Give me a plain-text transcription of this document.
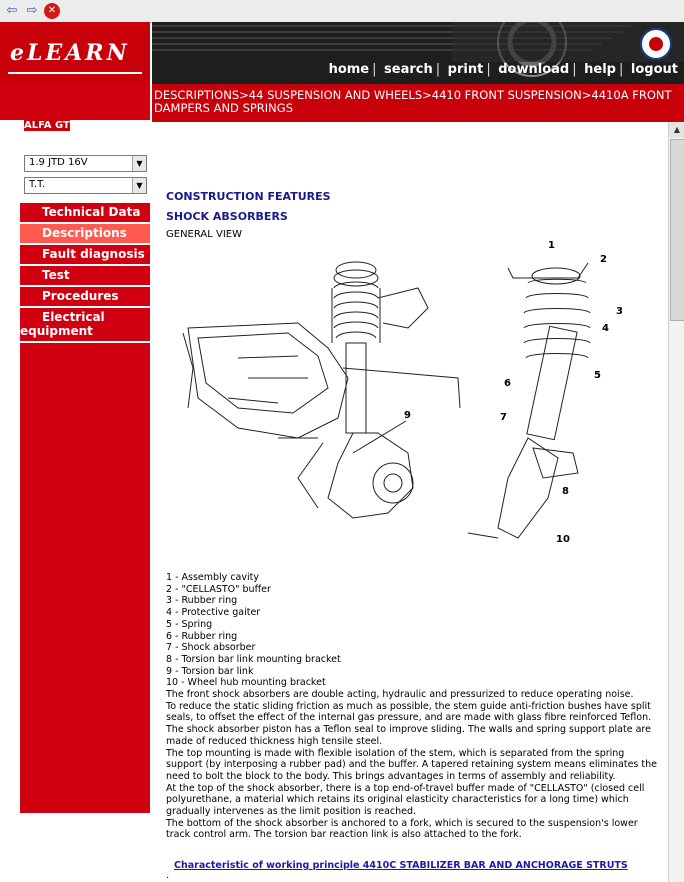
⇦ ⇨	✕
eLEARN
home | search | print | download | help | logout
ALFA GT
1.9 JTD 16V	▼
T.T.	▼
Technical Data
Descriptions
Fault diagnosis
Test
Procedures
Electrical equipment
DESCRIPTIONS>44 SUSPENSION AND WHEELS>4410 FRONT SUSPENSION>4410A FRONT DAMPERS AND SPRINGS
▲
CONSTRUCTION FEATURES
SHOCK ABSORBERS
GENERAL VIEW
1
2
3
4
5
6
7
8
9
10
1 - Assembly cavity
2 - "CELLASTO" buffer
3 - Rubber ring
4 - Protective gaiter
5 - Spring
6 - Rubber ring
7 - Shock absorber
8 - Torsion bar link mounting bracket
9 - Torsion bar link
10 - Wheel hub mounting bracket
The front shock absorbers are double acting, hydraulic and pressurized to reduce operating noise.
To reduce the static sliding friction as much as possible, the stem guide anti-friction bushes have split seals, to offset the effect of the internal gas pressure, and are made with glass fibre reinforced Teflon. The shock absorber piston has a Teflon seal to improve sliding. The walls and spring support plate are made of reduced thickness high tensile steel.
The top mounting is made with flexible isolation of the stem, which is separated from the spring support (by interposing a rubber pad) and the buffer. A tapered retaining system means eliminates the need to bolt the block to the body. This brings advantages in terms of assembly and reliability.
At the top of the shock absorber, there is a top end-of-travel buffer made of "CELLASTO" (closed cell polyurethane, a material which retains its original elasticity characteristics for a long time) which gradually intervenes as the limit position is reached.
The bottom of the shock absorber is anchored to a fork, which is secured to the suspension's lower track control arm. The torsion bar reaction link is also attached to the fork.
Characteristic of working principle 4410C STABILIZER BAR AND ANCHORAGE STRUTS
.
